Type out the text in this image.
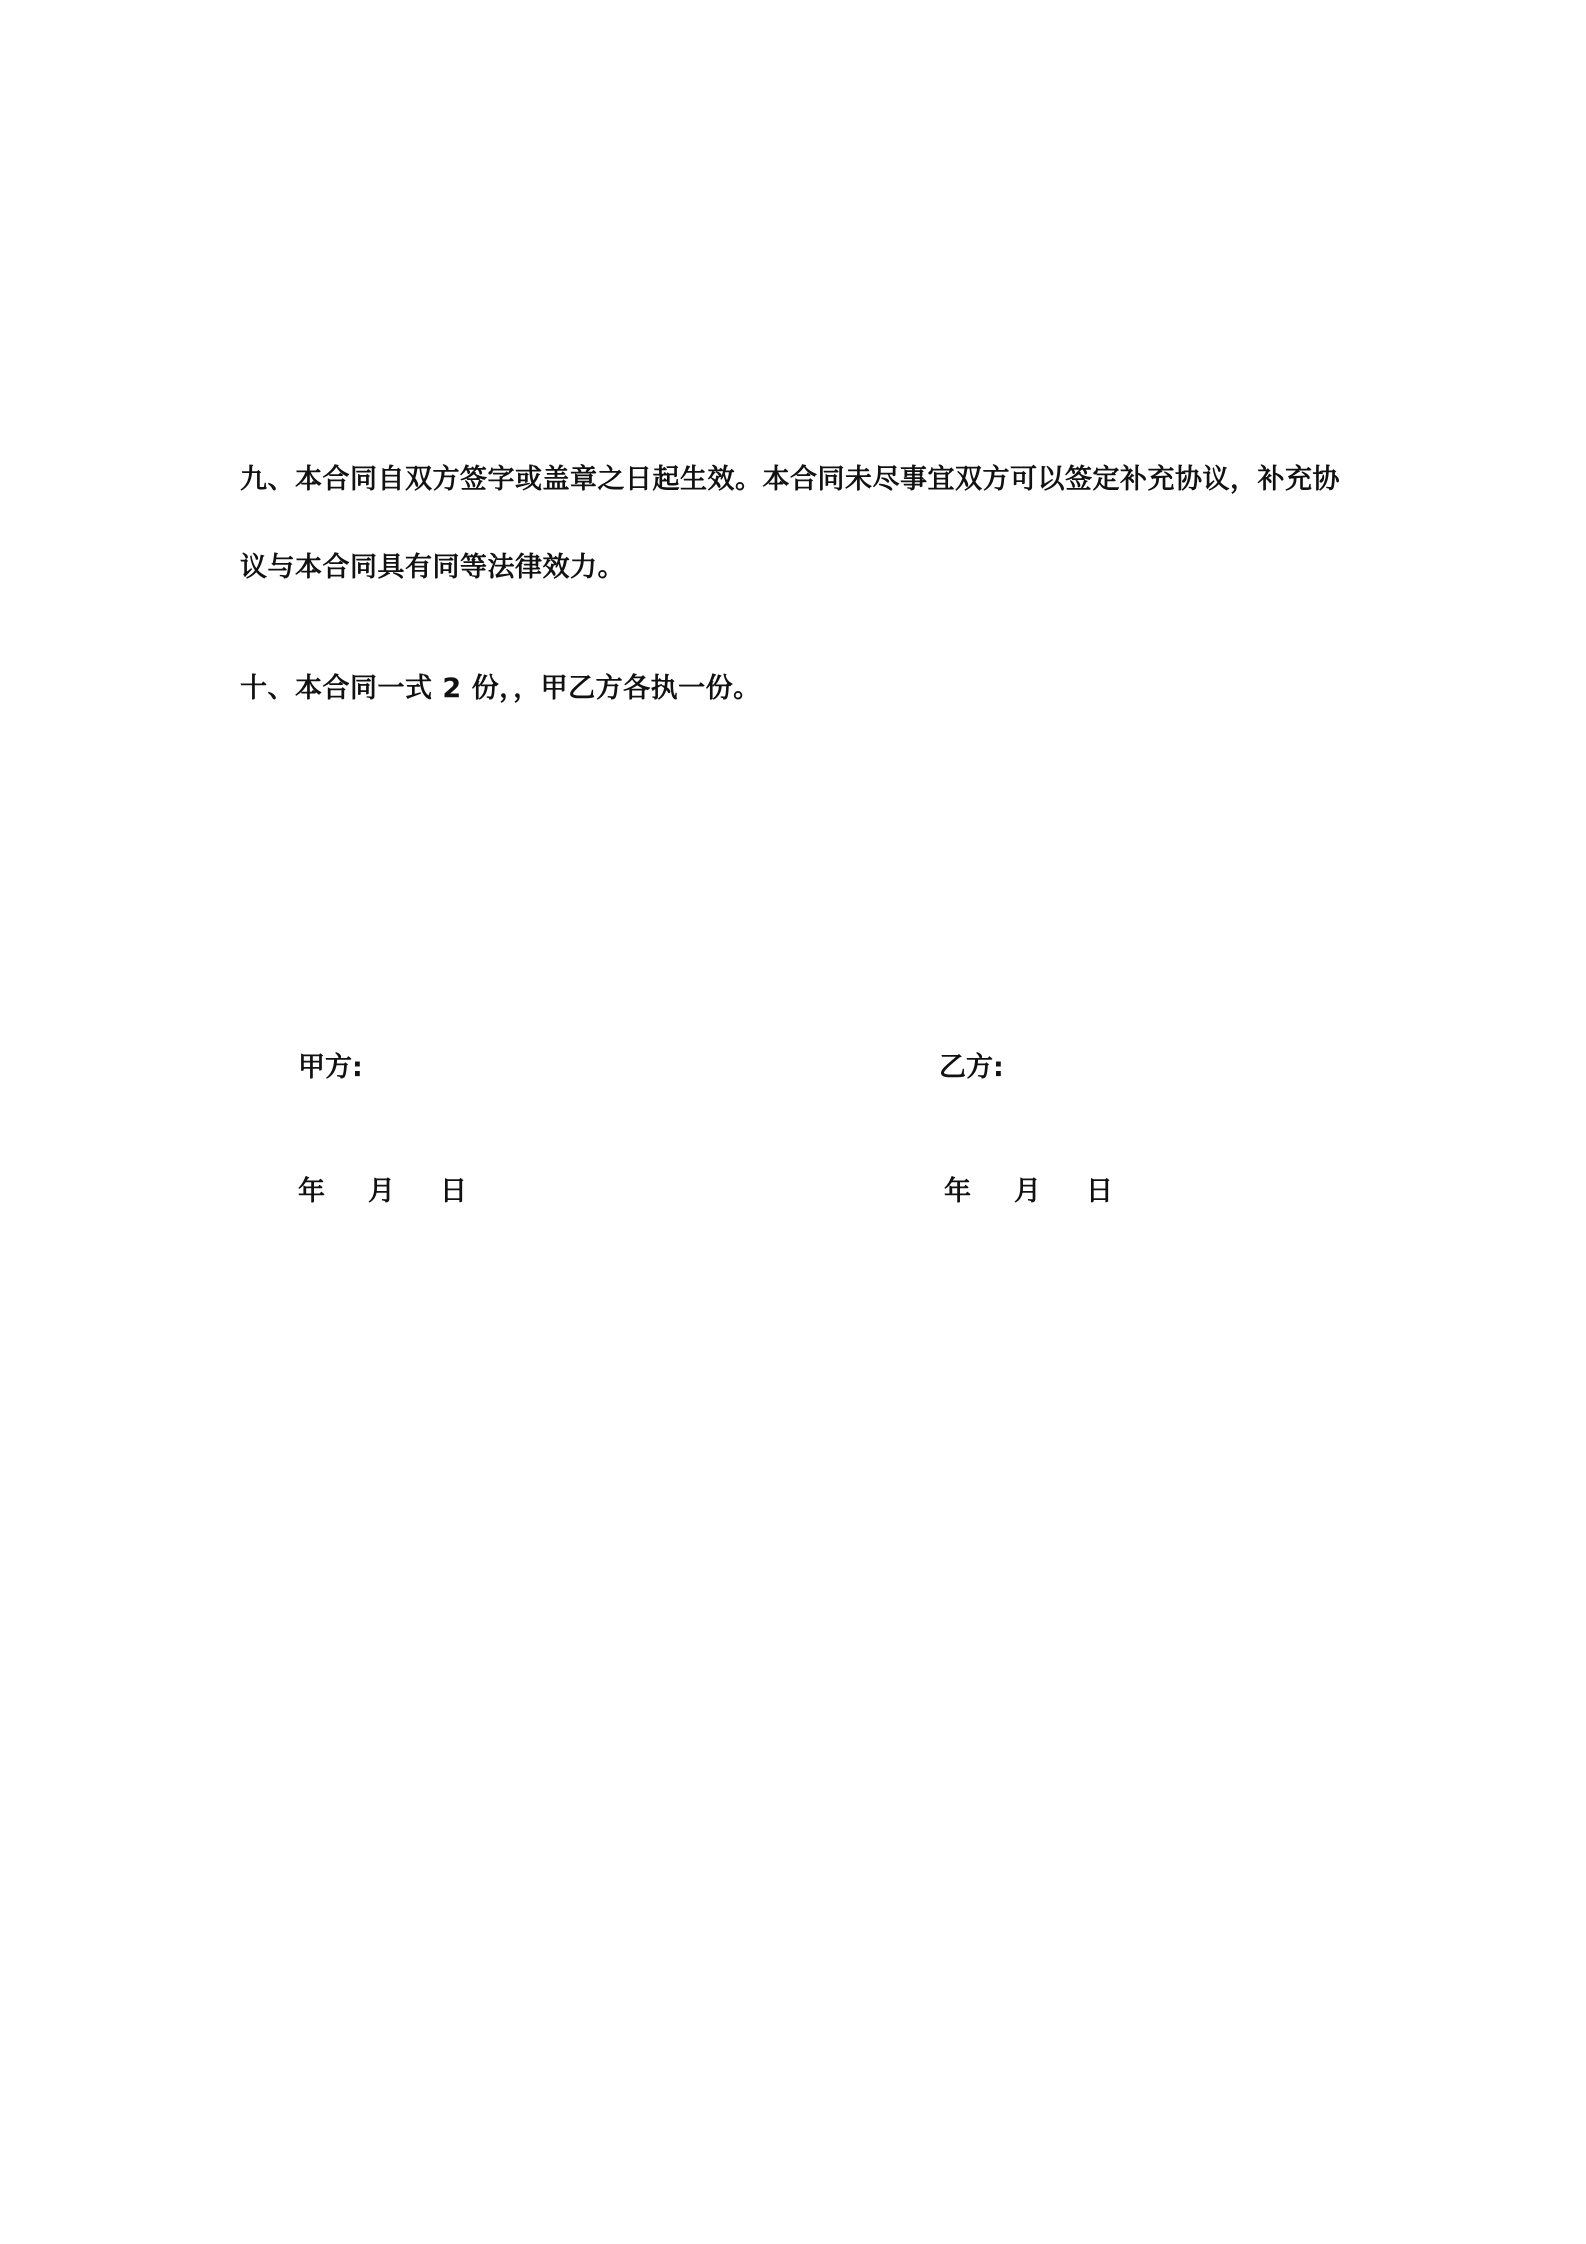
九、本合同自双方签字或盖章之日起生效。本合同未尽事宜双方可以签定补充协议，补充协

议与本合同具有同等法律效力。

十、本合同一式 2 份，，甲乙方各执一份。

甲方:	乙方:
年 月 日	年 月 日
